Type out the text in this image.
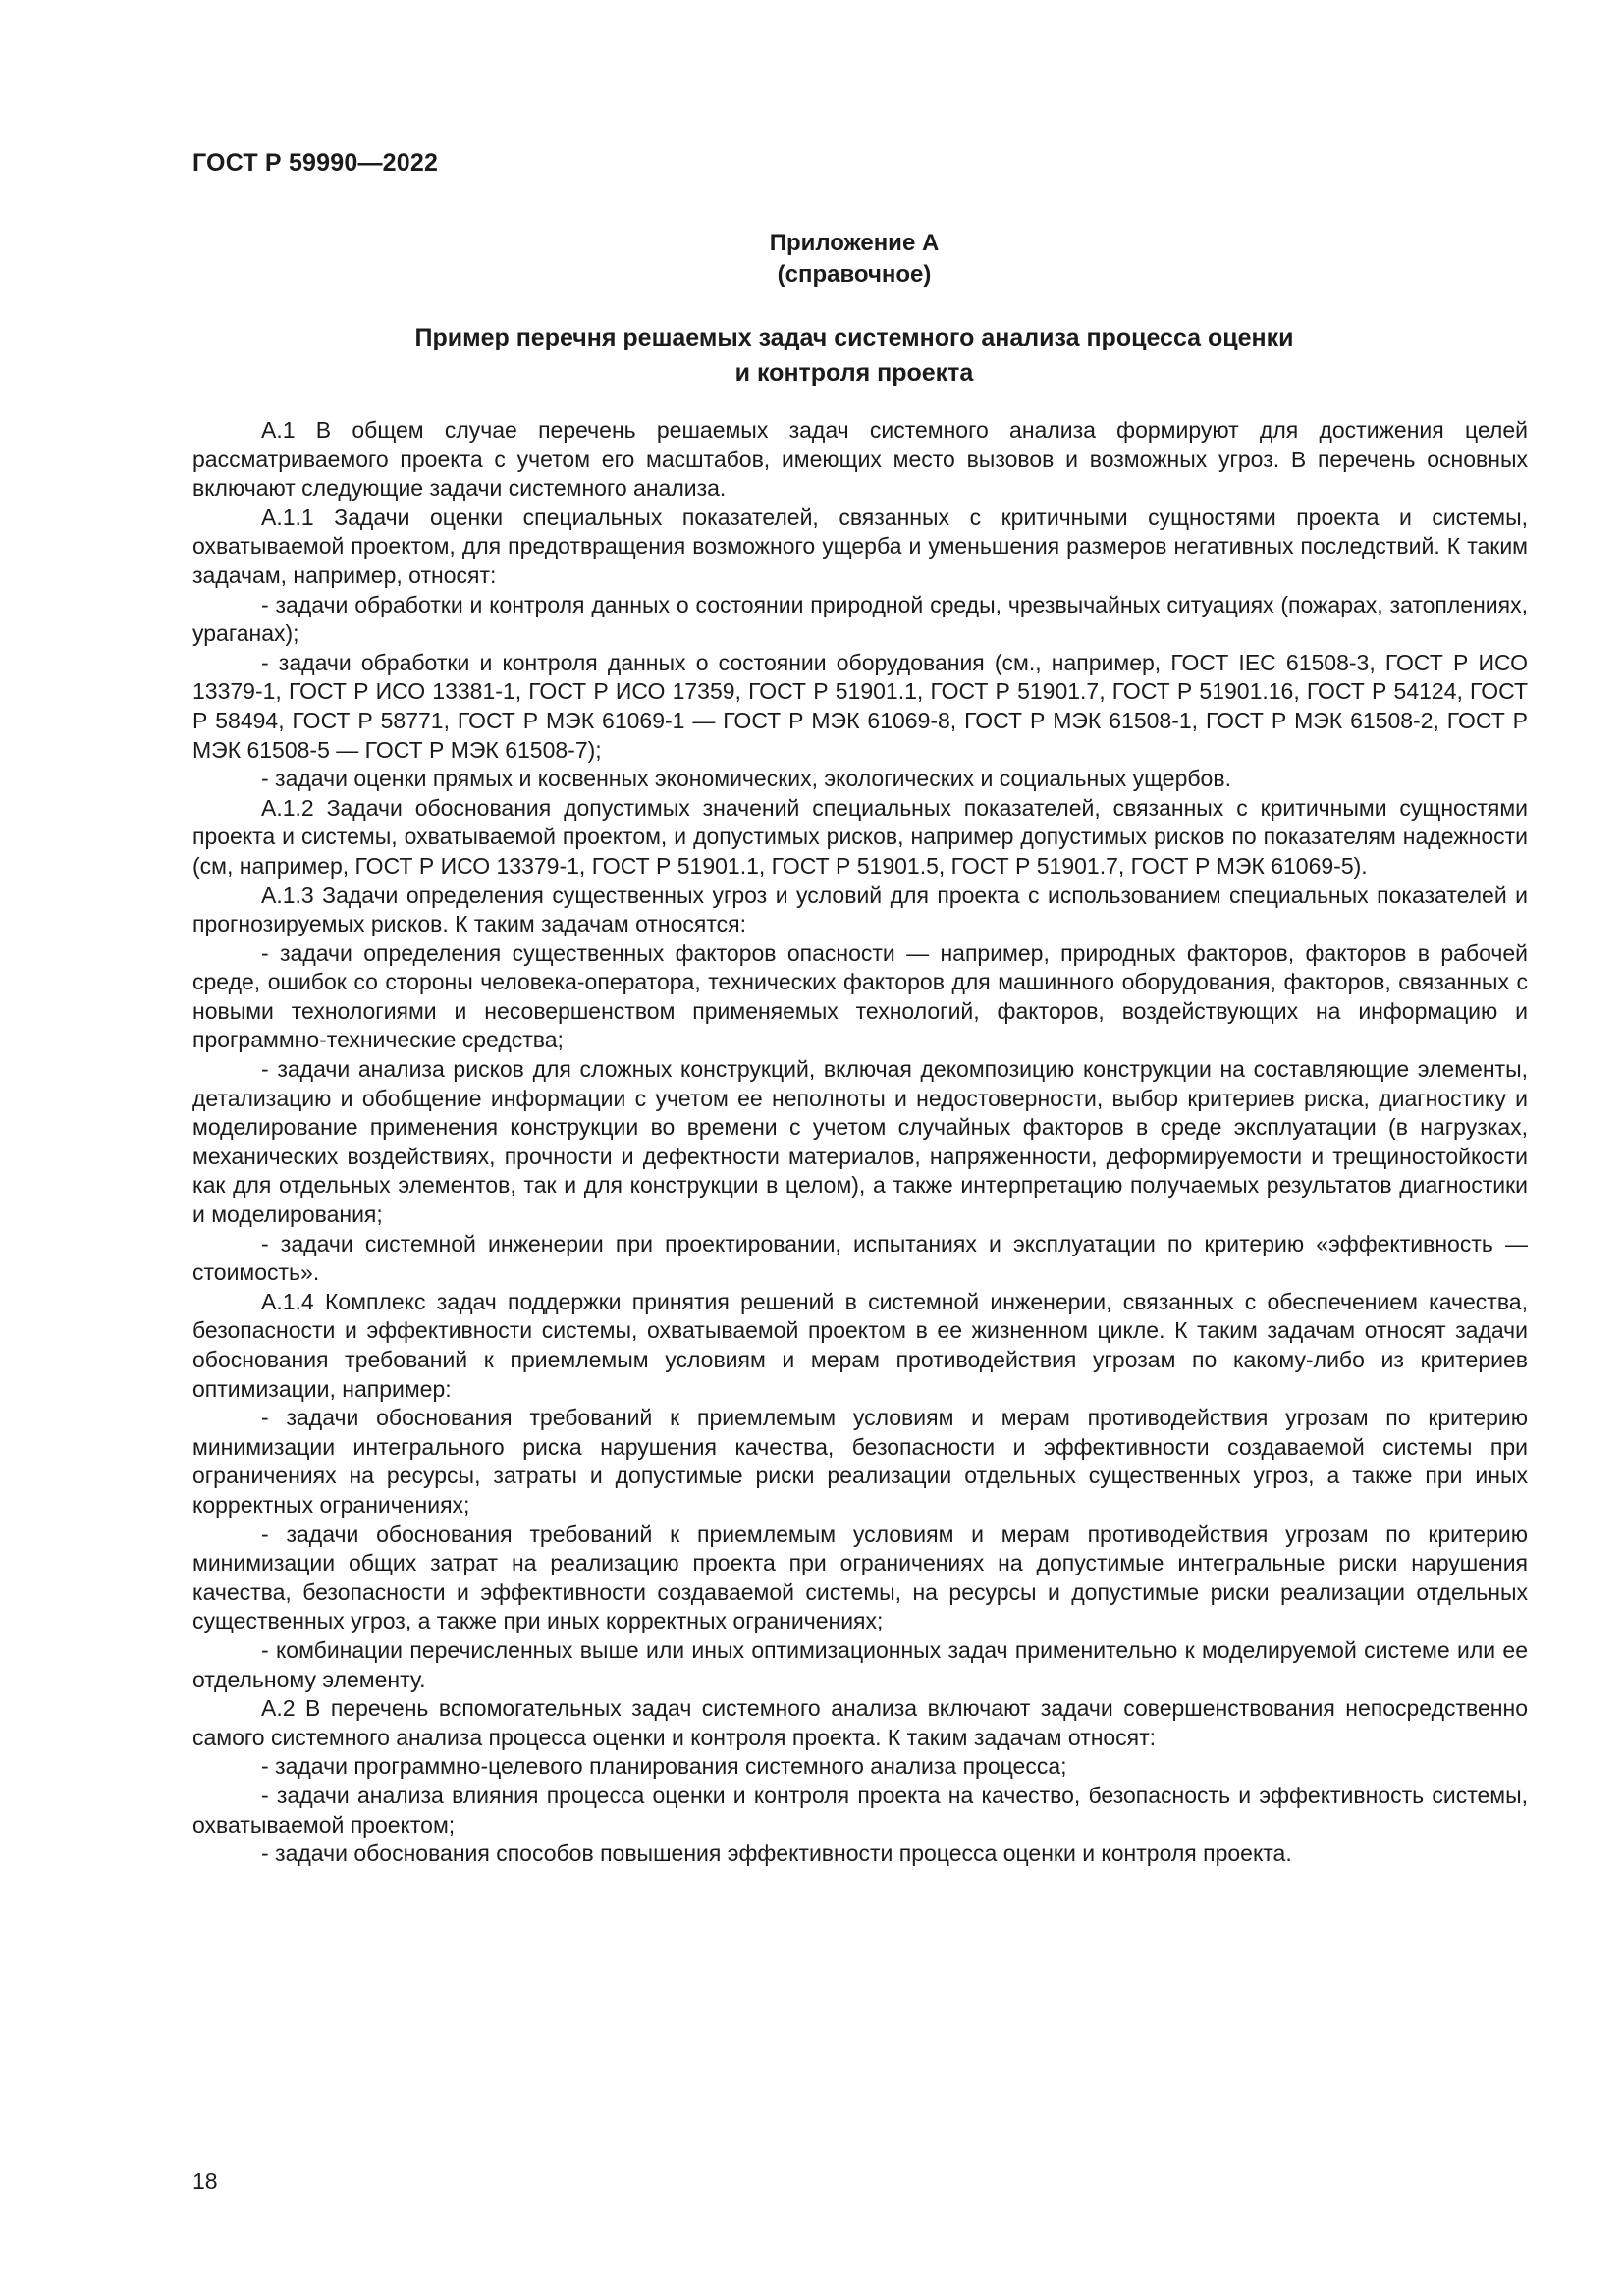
ГОСТ Р 59990—2022
Приложение А
(справочное)
Пример перечня решаемых задач системного анализа процесса оценки
и контроля проекта

А.1 В общем случае перечень решаемых задач системного анализа формируют для достижения целей рассматриваемого проекта с учетом его масштабов, имеющих место вызовов и возможных угроз. В перечень основных включают следующие задачи системного анализа.

А.1.1 Задачи оценки специальных показателей, связанных с критичными сущностями проекта и системы, охватываемой проектом, для предотвращения возможного ущерба и уменьшения размеров негативных последствий. К таким задачам, например, относят:

- задачи обработки и контроля данных о состоянии природной среды, чрезвычайных ситуациях (пожарах, затоплениях, ураганах);

- задачи обработки и контроля данных о состоянии оборудования (см., например, ГОСТ IEC 61508-3, ГОСТ Р ИСО 13379-1, ГОСТ Р ИСО 13381-1, ГОСТ Р ИСО 17359, ГОСТ Р 51901.1, ГОСТ Р 51901.7, ГОСТ Р 51901.16, ГОСТ Р 54124, ГОСТ Р 58494, ГОСТ Р 58771, ГОСТ Р МЭК 61069-1 — ГОСТ Р МЭК 61069-8, ГОСТ Р МЭК 61508-1, ГОСТ Р МЭК 61508-2, ГОСТ Р МЭК 61508-5 — ГОСТ Р МЭК 61508-7);

- задачи оценки прямых и косвенных экономических, экологических и социальных ущербов.

А.1.2 Задачи обоснования допустимых значений специальных показателей, связанных с критичными сущностями проекта и системы, охватываемой проектом, и допустимых рисков, например допустимых рисков по показателям надежности (см, например, ГОСТ Р ИСО 13379-1, ГОСТ Р 51901.1, ГОСТ Р 51901.5, ГОСТ Р 51901.7, ГОСТ Р МЭК 61069-5).

А.1.3 Задачи определения существенных угроз и условий для проекта с использованием специальных показателей и прогнозируемых рисков. К таким задачам относятся:

- задачи определения существенных факторов опасности — например, природных факторов, факторов в рабочей среде, ошибок со стороны человека-оператора, технических факторов для машинного оборудования, факторов, связанных с новыми технологиями и несовершенством применяемых технологий, факторов, воздействующих на информацию и программно-технические средства;

- задачи анализа рисков для сложных конструкций, включая декомпозицию конструкции на составляющие элементы, детализацию и обобщение информации с учетом ее неполноты и недостоверности, выбор критериев риска, диагностику и моделирование применения конструкции во времени с учетом случайных факторов в среде эксплуатации (в нагрузках, механических воздействиях, прочности и дефектности материалов, напряженности, деформируемости и трещиностойкости как для отдельных элементов, так и для конструкции в целом), а также интерпретацию получаемых результатов диагностики и моделирования;

- задачи системной инженерии при проектировании, испытаниях и эксплуатации по критерию «эффективность — стоимость».

А.1.4 Комплекс задач поддержки принятия решений в системной инженерии, связанных с обеспечением качества, безопасности и эффективности системы, охватываемой проектом в ее жизненном цикле. К таким задачам относят задачи обоснования требований к приемлемым условиям и мерам противодействия угрозам по какому-либо из критериев оптимизации, например:

- задачи обоснования требований к приемлемым условиям и мерам противодействия угрозам по критерию минимизации интегрального риска нарушения качества, безопасности и эффективности создаваемой системы при ограничениях на ресурсы, затраты и допустимые риски реализации отдельных существенных угроз, а также при иных корректных ограничениях;

- задачи обоснования требований к приемлемым условиям и мерам противодействия угрозам по критерию минимизации общих затрат на реализацию проекта при ограничениях на допустимые интегральные риски нарушения качества, безопасности и эффективности создаваемой системы, на ресурсы и допустимые риски реализации отдельных существенных угроз, а также при иных корректных ограничениях;

- комбинации перечисленных выше или иных оптимизационных задач применительно к моделируемой системе или ее отдельному элементу.

А.2 В перечень вспомогательных задач системного анализа включают задачи совершенствования непосредственно самого системного анализа процесса оценки и контроля проекта. К таким задачам относят:

- задачи программно-целевого планирования системного анализа процесса;

- задачи анализа влияния процесса оценки и контроля проекта на качество, безопасность и эффективность системы, охватываемой проектом;

- задачи обоснования способов повышения эффективности процесса оценки и контроля проекта.

18
